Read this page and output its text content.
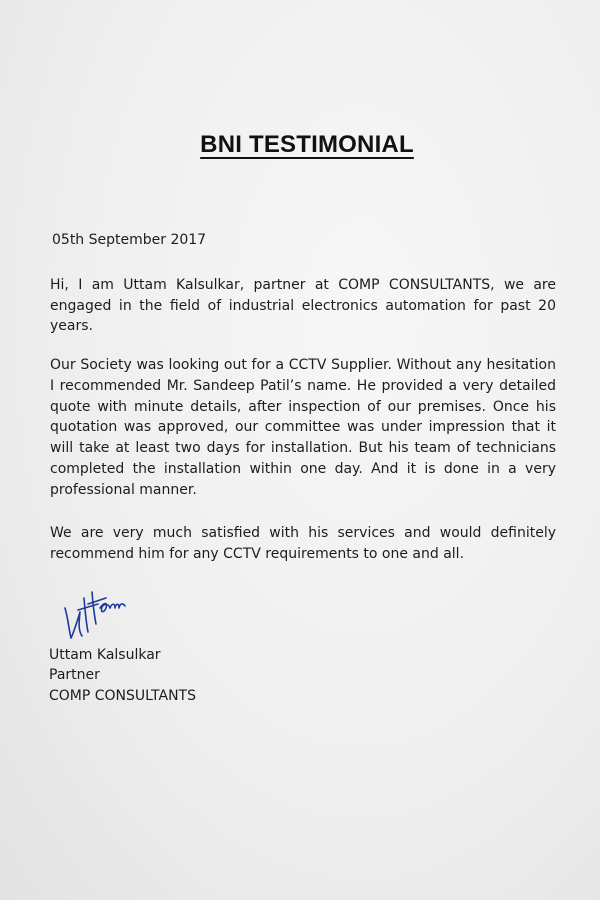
BNI TESTIMONIAL
05th September 2017
Hi, I am Uttam Kalsulkar, partner at COMP CONSULTANTS, we are engaged in the field of industrial electronics automation for past 20 years.
Our Society was looking out for a CCTV Supplier. Without any hesitation I recommended Mr. Sandeep Patil’s name. He provided a very detailed quote with minute details, after inspection of our premises. Once his quotation was approved, our committee was under impression that it will take at least two days for installation. But his team of technicians completed the installation within one day. And it is done in a very professional manner.
We are very much satisfied with his services and would definitely recommend him for any CCTV requirements to one and all.
Uttam Kalsulkar
Partner
COMP CONSULTANTS
